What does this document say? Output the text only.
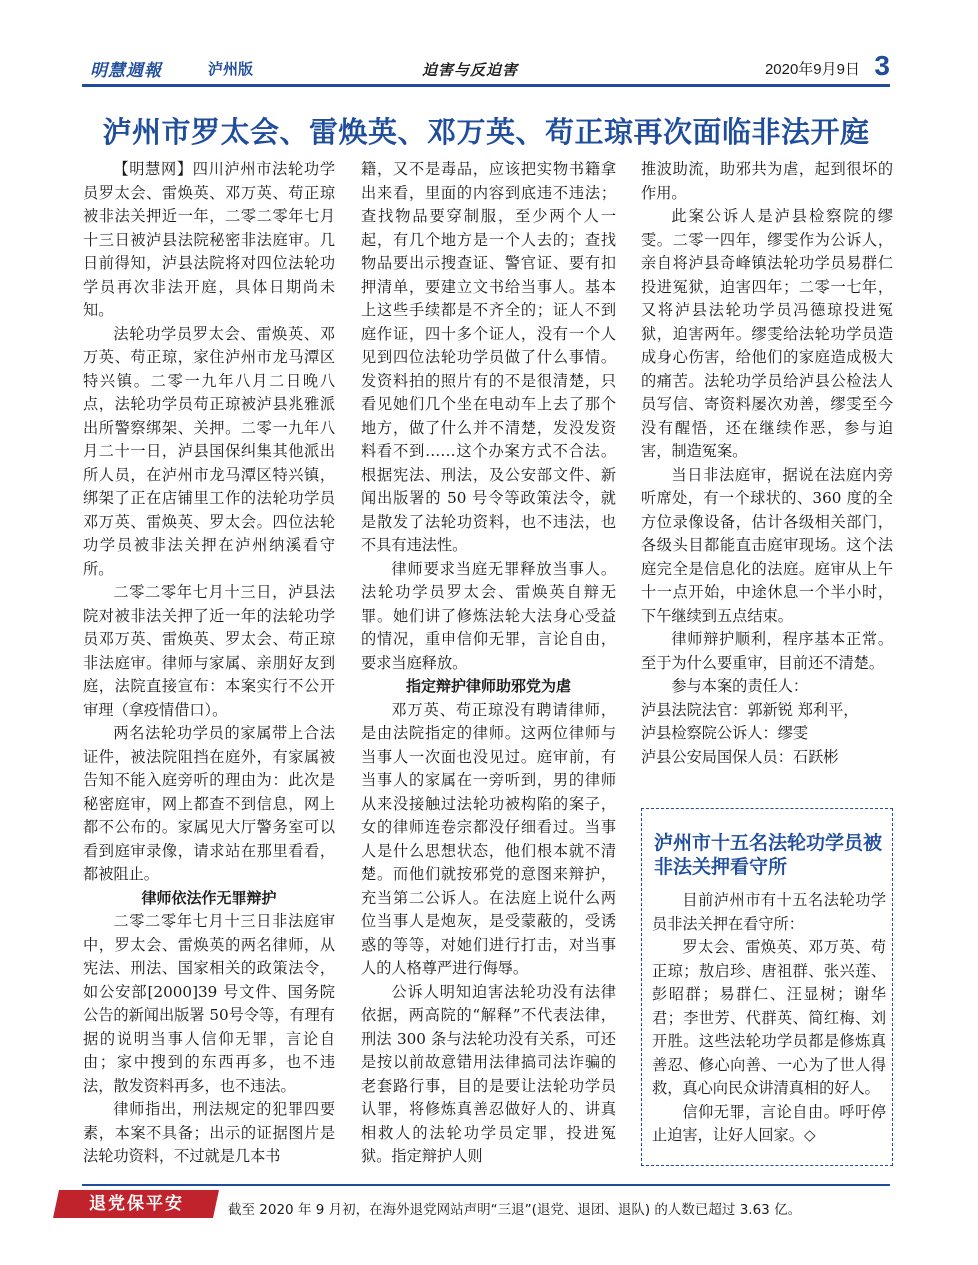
明慧週報	泸州版	迫害与反迫害	2020年9月9日 3
泸州市罗太会、雷焕英、邓万英、苟正琼再次面临非法开庭

【明慧网】四川泸州市法轮功学员罗太会、雷焕英、邓万英、苟正琼被非法关押近一年，二零二零年七月十三日被泸县法院秘密非法庭审。几日前得知，泸县法院将对四位法轮功学员再次非法开庭，具体日期尚未知。

法轮功学员罗太会、雷焕英、邓万英、苟正琼，家住泸州市龙马潭区特兴镇。二零一九年八月二日晚八点，法轮功学员苟正琼被泸县兆雅派出所警察绑架、关押。二零一九年八月二十一日，泸县国保纠集其他派出所人员，在泸州市龙马潭区特兴镇，绑架了正在店铺里工作的法轮功学员邓万英、雷焕英、罗太会。四位法轮功学员被非法关押在泸州纳溪看守所。

二零二零年七月十三日，泸县法院对被非法关押了近一年的法轮功学员邓万英、雷焕英、罗太会、苟正琼非法庭审。律师与家属、亲朋好友到庭，法院直接宣布：本案实行不公开审理（拿疫情借口）。

两名法轮功学员的家属带上合法证件，被法院阻挡在庭外，有家属被告知不能入庭旁听的理由为：此次是秘密庭审，网上都查不到信息，网上都不公布的。家属见大厅警务室可以看到庭审录像，请求站在那里看看，都被阻止。

律师依法作无罪辩护

二零二零年七月十三日非法庭审中，罗太会、雷焕英的两名律师，从宪法、刑法、国家相关的政策法令，如公安部[2000]39 号文件、国务院公告的新闻出版署 50号令等，有理有据的说明当事人信仰无罪，言论自由；家中搜到的东西再多，也不违法，散发资料再多，也不违法。

律师指出，刑法规定的犯罪四要素，本案不具备；出示的证据图片是法轮功资料，不过就是几本书

籍，又不是毒品，应该把实物书籍拿出来看，里面的内容到底违不违法；查找物品要穿制服，至少两个人一起，有几个地方是一个人去的；查找物品要出示搜查证、警官证、要有扣押清单，要建立文书给当事人。基本上这些手续都是不齐全的；证人不到庭作证，四十多个证人，没有一个人见到四位法轮功学员做了什么事情。发资料拍的照片有的不是很清楚，只看见她们几个坐在电动车上去了那个地方，做了什么并不清楚，发没发资料看不到……这个办案方式不合法。根据宪法、刑法，及公安部文件、新闻出版署的 50 号令等政策法令，就是散发了法轮功资料，也不违法，也不具有违法性。

律师要求当庭无罪释放当事人。法轮功学员罗太会、雷焕英自辩无罪。她们讲了修炼法轮大法身心受益的情况，重申信仰无罪，言论自由，要求当庭释放。

指定辩护律师助邪党为虐

邓万英、苟正琼没有聘请律师，是由法院指定的律师。这两位律师与当事人一次面也没见过。庭审前，有当事人的家属在一旁听到，男的律师从来没接触过法轮功被构陷的案子，女的律师连卷宗都没仔细看过。当事人是什么思想状态，他们根本就不清楚。而他们就按邪党的意图来辩护，充当第二公诉人。在法庭上说什么两位当事人是炮灰，是受蒙蔽的，受诱惑的等等，对她们进行打击，对当事人的人格尊严进行侮辱。

公诉人明知迫害法轮功没有法律依据，两高院的“解释”不代表法律，刑法 300 条与法轮功没有关系，可还是按以前故意错用法律搞司法诈骗的老套路行事，目的是要让法轮功学员认罪，将修炼真善忍做好人的、讲真相救人的法轮功学员定罪，投进冤狱。指定辩护人则

推波助流，助邪共为虐，起到很坏的作用。

此案公诉人是泸县检察院的缪雯。二零一四年，缪雯作为公诉人，亲自将泸县奇峰镇法轮功学员易群仁投进冤狱，迫害四年；二零一七年，又将泸县法轮功学员冯德琼投进冤狱，迫害两年。缪雯给法轮功学员造成身心伤害，给他们的家庭造成极大的痛苦。法轮功学员给泸县公检法人员写信、寄资料屡次劝善，缪雯至今没有醒悟，还在继续作恶，参与迫害，制造冤案。

当日非法庭审，据说在法庭内旁听席处，有一个球状的、360 度的全方位录像设备，估计各级相关部门，各级头目都能直击庭审现场。这个法庭完全是信息化的法庭。庭审从上午十一点开始，中途休息一个半小时，下午继续到五点结束。

律师辩护顺利，程序基本正常。至于为什么要重审，目前还不清楚。

参与本案的责任人：

泸县法院法官：郭新锐 郑利平，

泸县检察院公诉人：缪雯

泸县公安局国保人员：石跃彬

泸州市十五名法轮功学员被非法关押看守所

目前泸州市有十五名法轮功学员非法关押在看守所：

罗太会、雷焕英、邓万英、苟正琼；敖启珍、唐祖群、张兴莲、彭昭群；易群仁、汪显树；谢华君；李世芳、代群英、简红梅、刘开胜。这些法轮功学员都是修炼真善忍、修心向善、一心为了世人得救，真心向民众讲清真相的好人。

信仰无罪，言论自由。呼吁停止迫害，让好人回家。◇

退党保平安	截至 2020 年 9 月初，在海外退党网站声明“三退”(退党、退团、退队) 的人数已超过 3.63 亿。
